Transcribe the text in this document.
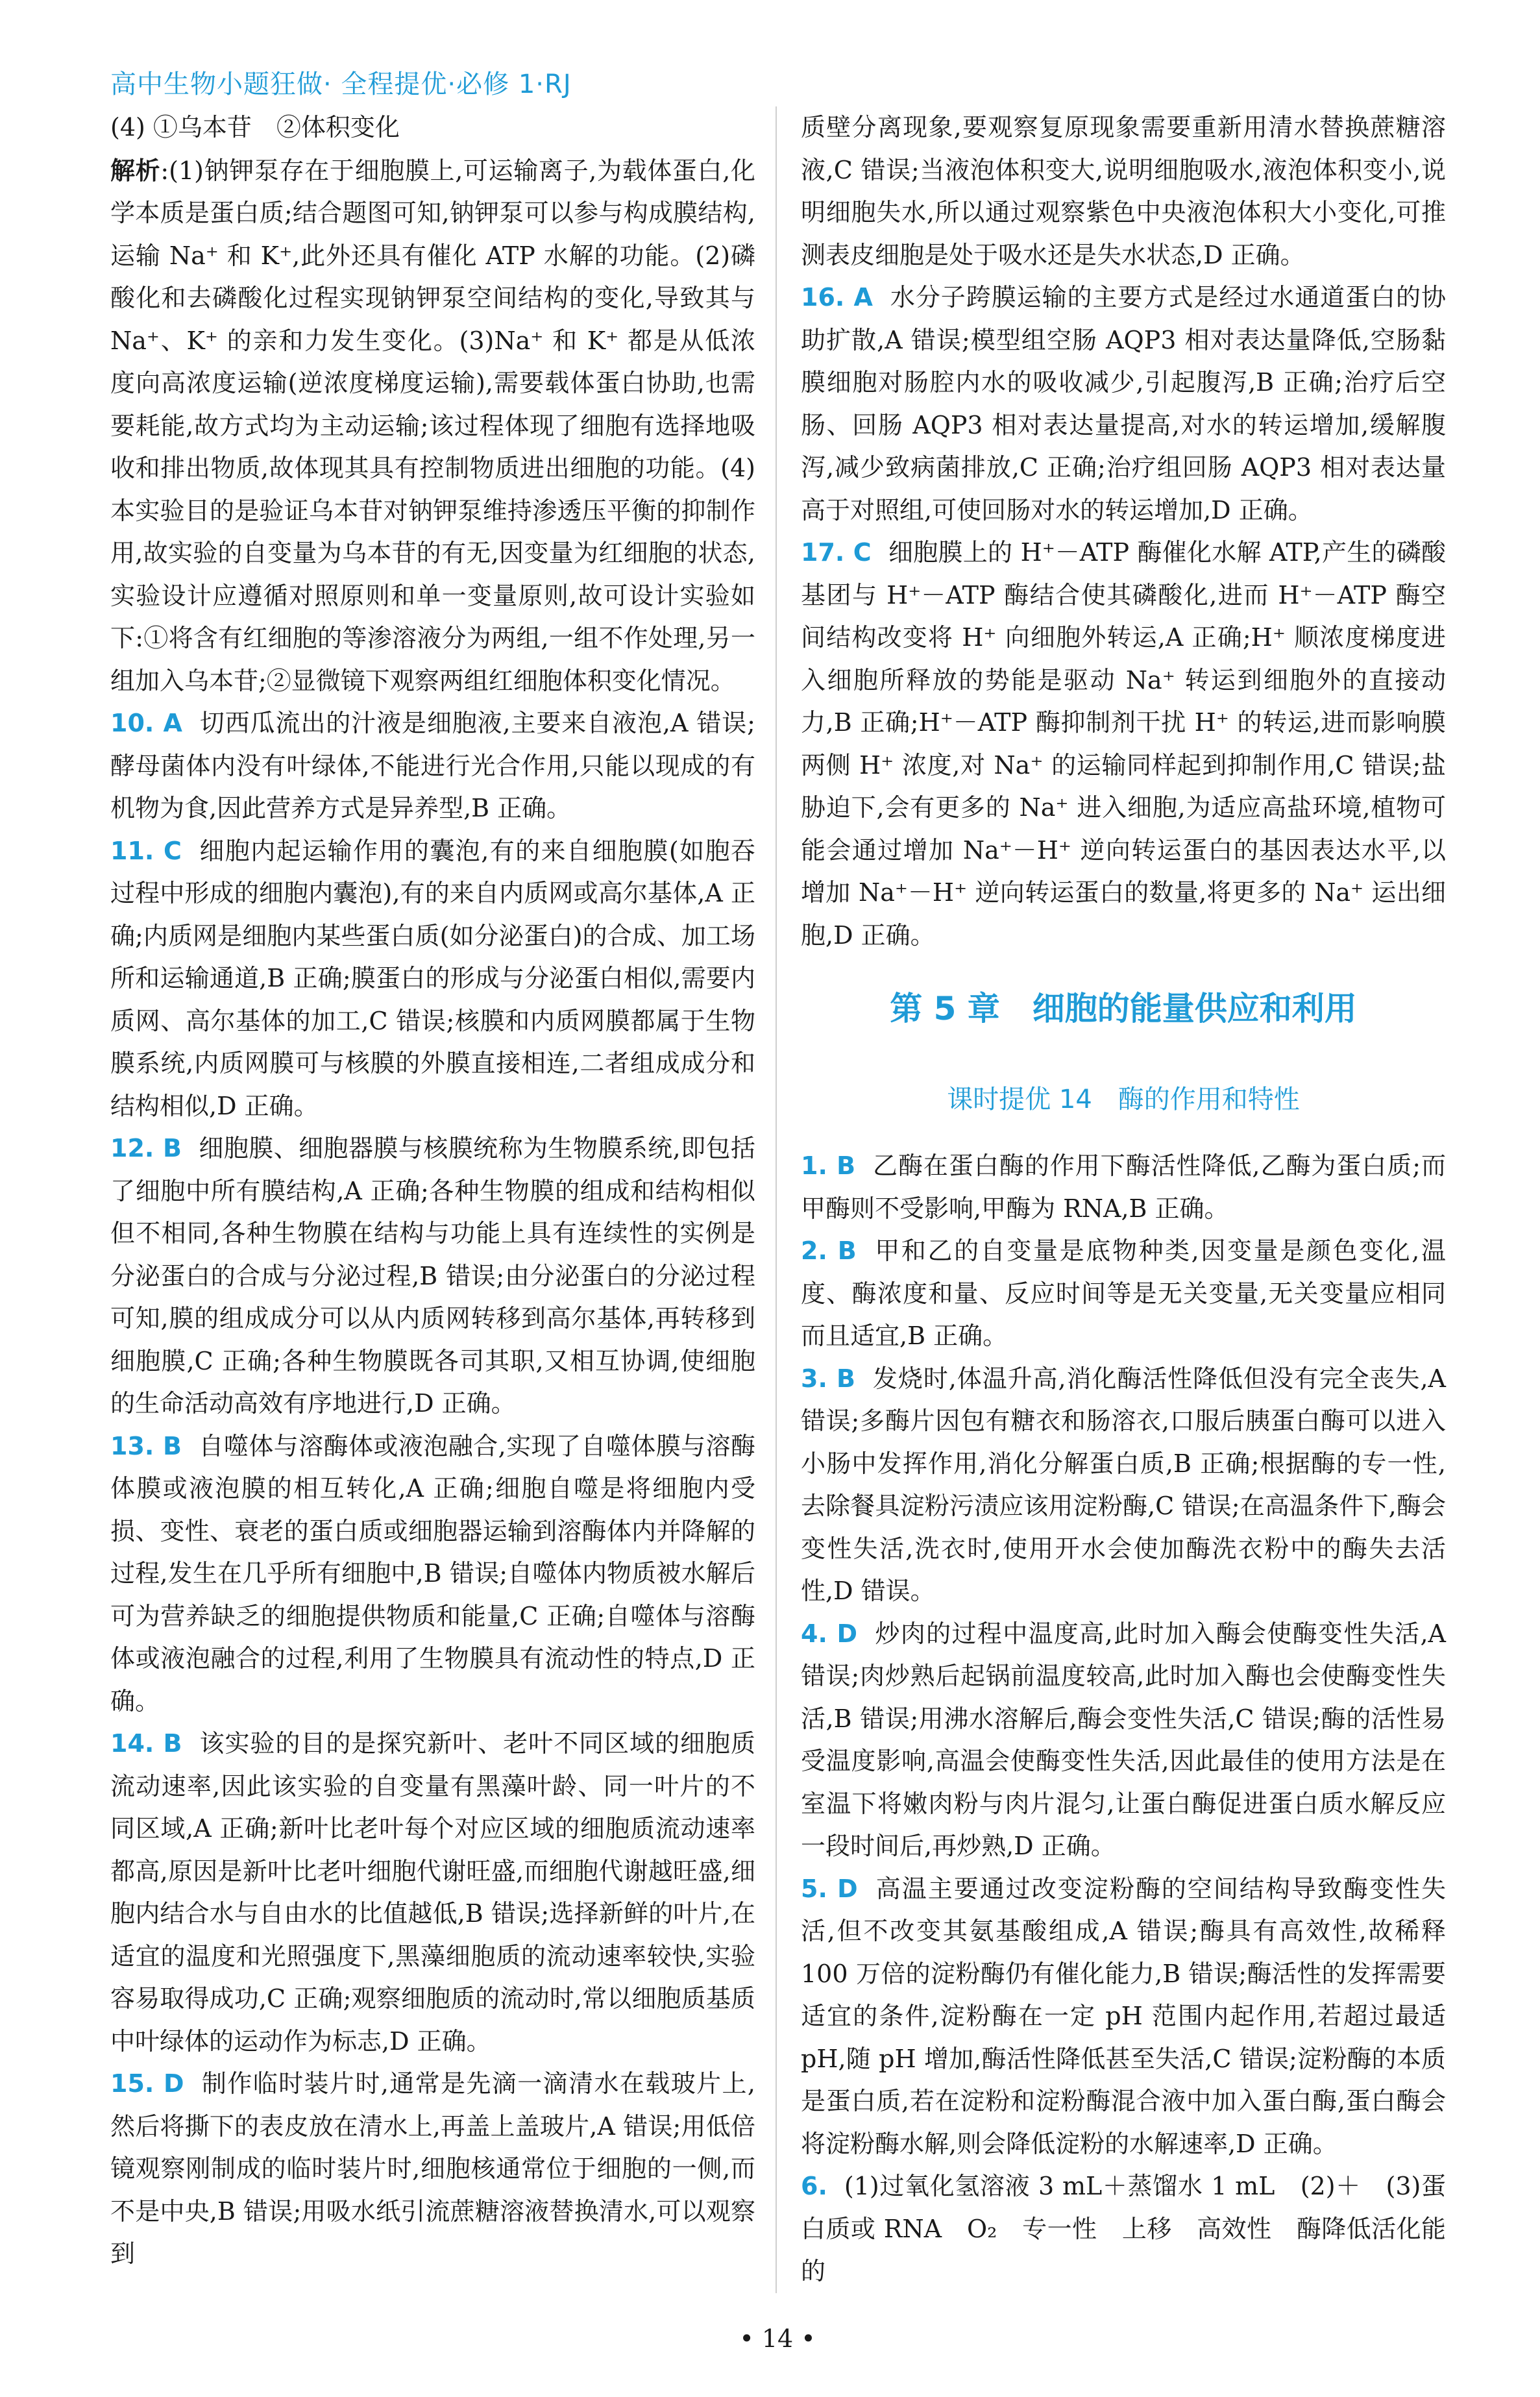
高中生物小题狂做· 全程提优·必修 1·RJ

(4) ①乌本苷　②体积变化

解析:(1)钠钾泵存在于细胞膜上,可运输离子,为载体蛋白,化学本质是蛋白质;结合题图可知,钠钾泵可以参与构成膜结构,运输 Na⁺ 和 K⁺,此外还具有催化 ATP 水解的功能。(2)磷酸化和去磷酸化过程实现钠钾泵空间结构的变化,导致其与 Na⁺、K⁺ 的亲和力发生变化。(3)Na⁺ 和 K⁺ 都是从低浓度向高浓度运输(逆浓度梯度运输),需要载体蛋白协助,也需要耗能,故方式均为主动运输;该过程体现了细胞有选择地吸收和排出物质,故体现其具有控制物质进出细胞的功能。(4)本实验目的是验证乌本苷对钠钾泵维持渗透压平衡的抑制作用,故实验的自变量为乌本苷的有无,因变量为红细胞的状态,实验设计应遵循对照原则和单一变量原则,故可设计实验如下:①将含有红细胞的等渗溶液分为两组,一组不作处理,另一组加入乌本苷;②显微镜下观察两组红细胞体积变化情况。

10. A 切西瓜流出的汁液是细胞液,主要来自液泡,A 错误;酵母菌体内没有叶绿体,不能进行光合作用,只能以现成的有机物为食,因此营养方式是异养型,B 正确。

11. C 细胞内起运输作用的囊泡,有的来自细胞膜(如胞吞过程中形成的细胞内囊泡),有的来自内质网或高尔基体,A 正确;内质网是细胞内某些蛋白质(如分泌蛋白)的合成、加工场所和运输通道,B 正确;膜蛋白的形成与分泌蛋白相似,需要内质网、高尔基体的加工,C 错误;核膜和内质网膜都属于生物膜系统,内质网膜可与核膜的外膜直接相连,二者组成成分和结构相似,D 正确。

12. B 细胞膜、细胞器膜与核膜统称为生物膜系统,即包括了细胞中所有膜结构,A 正确;各种生物膜的组成和结构相似但不相同,各种生物膜在结构与功能上具有连续性的实例是分泌蛋白的合成与分泌过程,B 错误;由分泌蛋白的分泌过程可知,膜的组成成分可以从内质网转移到高尔基体,再转移到细胞膜,C 正确;各种生物膜既各司其职,又相互协调,使细胞的生命活动高效有序地进行,D 正确。

13. B 自噬体与溶酶体或液泡融合,实现了自噬体膜与溶酶体膜或液泡膜的相互转化,A 正确;细胞自噬是将细胞内受损、变性、衰老的蛋白质或细胞器运输到溶酶体内并降解的过程,发生在几乎所有细胞中,B 错误;自噬体内物质被水解后可为营养缺乏的细胞提供物质和能量,C 正确;自噬体与溶酶体或液泡融合的过程,利用了生物膜具有流动性的特点,D 正确。

14. B 该实验的目的是探究新叶、老叶不同区域的细胞质流动速率,因此该实验的自变量有黑藻叶龄、同一叶片的不同区域,A 正确;新叶比老叶每个对应区域的细胞质流动速率都高,原因是新叶比老叶细胞代谢旺盛,而细胞代谢越旺盛,细胞内结合水与自由水的比值越低,B 错误;选择新鲜的叶片,在适宜的温度和光照强度下,黑藻细胞质的流动速率较快,实验容易取得成功,C 正确;观察细胞质的流动时,常以细胞质基质中叶绿体的运动作为标志,D 正确。

15. D 制作临时装片时,通常是先滴一滴清水在载玻片上,然后将撕下的表皮放在清水上,再盖上盖玻片,A 错误;用低倍镜观察刚制成的临时装片时,细胞核通常位于细胞的一侧,而不是中央,B 错误;用吸水纸引流蔗糖溶液替换清水,可以观察到

质壁分离现象,要观察复原现象需要重新用清水替换蔗糖溶液,C 错误;当液泡体积变大,说明细胞吸水,液泡体积变小,说明细胞失水,所以通过观察紫色中央液泡体积大小变化,可推测表皮细胞是处于吸水还是失水状态,D 正确。

16. A 水分子跨膜运输的主要方式是经过水通道蛋白的协助扩散,A 错误;模型组空肠 AQP3 相对表达量降低,空肠黏膜细胞对肠腔内水的吸收减少,引起腹泻,B 正确;治疗后空肠、回肠 AQP3 相对表达量提高,对水的转运增加,缓解腹泻,减少致病菌排放,C 正确;治疗组回肠 AQP3 相对表达量高于对照组,可使回肠对水的转运增加,D 正确。

17. C 细胞膜上的 H⁺－ATP 酶催化水解 ATP,产生的磷酸基团与 H⁺－ATP 酶结合使其磷酸化,进而 H⁺－ATP 酶空间结构改变将 H⁺ 向细胞外转运,A 正确;H⁺ 顺浓度梯度进入细胞所释放的势能是驱动 Na⁺ 转运到细胞外的直接动力,B 正确;H⁺－ATP 酶抑制剂干扰 H⁺ 的转运,进而影响膜两侧 H⁺ 浓度,对 Na⁺ 的运输同样起到抑制作用,C 错误;盐胁迫下,会有更多的 Na⁺ 进入细胞,为适应高盐环境,植物可能会通过增加 Na⁺－H⁺ 逆向转运蛋白的基因表达水平,以增加 Na⁺－H⁺ 逆向转运蛋白的数量,将更多的 Na⁺ 运出细胞,D 正确。

第 5 章　细胞的能量供应和利用
课时提优 14　酶的作用和特性

1. B 乙酶在蛋白酶的作用下酶活性降低,乙酶为蛋白质;而甲酶则不受影响,甲酶为 RNA,B 正确。

2. B 甲和乙的自变量是底物种类,因变量是颜色变化,温度、酶浓度和量、反应时间等是无关变量,无关变量应相同而且适宜,B 正确。

3. B 发烧时,体温升高,消化酶活性降低但没有完全丧失,A 错误;多酶片因包有糖衣和肠溶衣,口服后胰蛋白酶可以进入小肠中发挥作用,消化分解蛋白质,B 正确;根据酶的专一性,去除餐具淀粉污渍应该用淀粉酶,C 错误;在高温条件下,酶会变性失活,洗衣时,使用开水会使加酶洗衣粉中的酶失去活性,D 错误。

4. D 炒肉的过程中温度高,此时加入酶会使酶变性失活,A 错误;肉炒熟后起锅前温度较高,此时加入酶也会使酶变性失活,B 错误;用沸水溶解后,酶会变性失活,C 错误;酶的活性易受温度影响,高温会使酶变性失活,因此最佳的使用方法是在室温下将嫩肉粉与肉片混匀,让蛋白酶促进蛋白质水解反应一段时间后,再炒熟,D 正确。

5. D 高温主要通过改变淀粉酶的空间结构导致酶变性失活,但不改变其氨基酸组成,A 错误;酶具有高效性,故稀释 100 万倍的淀粉酶仍有催化能力,B 错误;酶活性的发挥需要适宜的条件,淀粉酶在一定 pH 范围内起作用,若超过最适 pH,随 pH 增加,酶活性降低甚至失活,C 错误;淀粉酶的本质是蛋白质,若在淀粉和淀粉酶混合液中加入蛋白酶,蛋白酶会将淀粉酶水解,则会降低淀粉的水解速率,D 正确。

6. (1)过氧化氢溶液 3 mL＋蒸馏水 1 mL　(2)＋　(3)蛋白质或 RNA　O₂　专一性　上移　高效性　酶降低活化能的

• 14 •
